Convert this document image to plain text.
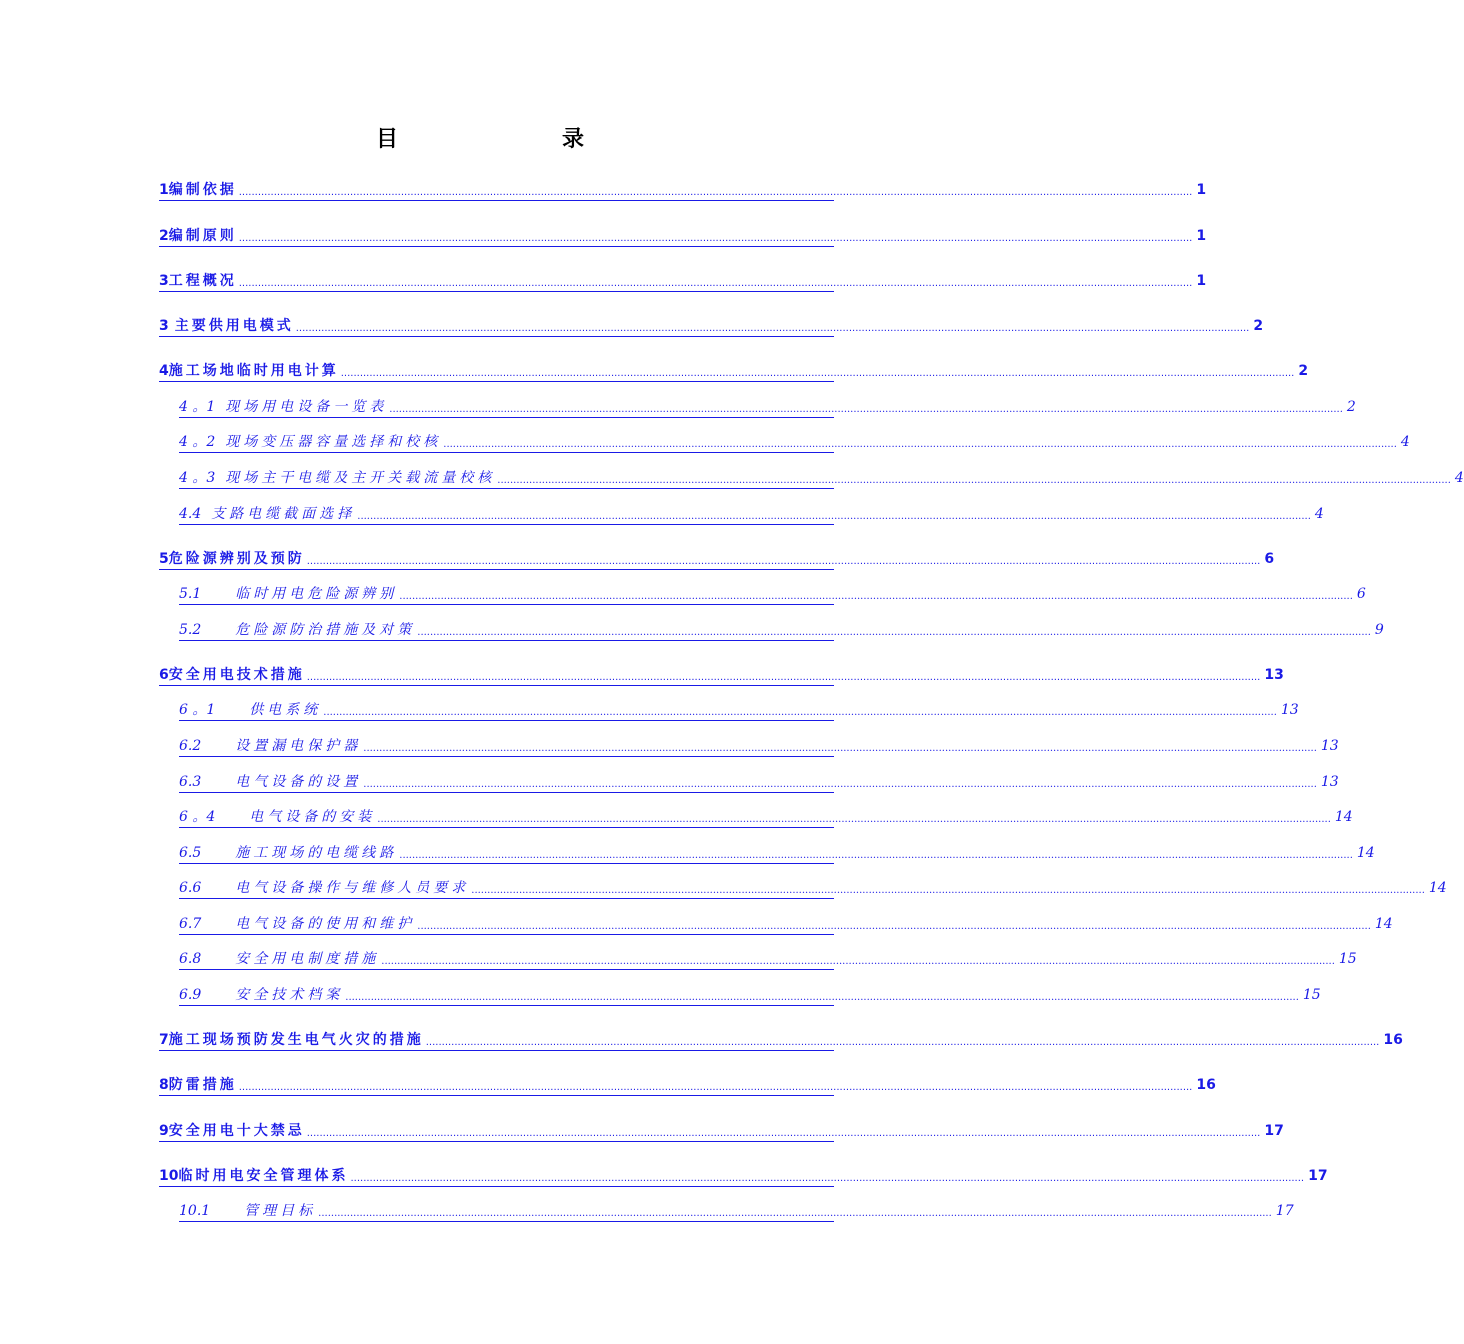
目　　录
1 编制依据 ............................................................................................................................................................................................................................................................................................................ 1
2 编制原则 ............................................................................................................................................................................................................................................................................................................ 1
3 工程概况 ............................................................................................................................................................................................................................................................................................................ 1
3 主要供用电模式 ............................................................................................................................................................................................................................................................................................................ 2
4 施工场地临时用电计算 ............................................................................................................................................................................................................................................................................................................ 2
4 。1 现场用电设备一览表 ............................................................................................................................................................................................................................................................................................................ 2
4 。2 现场变压器容量选择和校核 ............................................................................................................................................................................................................................................................................................................ 4
4 。3 现场主干电缆及主开关载流量校核 ............................................................................................................................................................................................................................................................................................................ 4
4.4 支路电缆截面选择 ............................................................................................................................................................................................................................................................................................................ 4
5 危险源辨别及预防 ............................................................................................................................................................................................................................................................................................................ 6
5.1 临时用电危险源辨别 ............................................................................................................................................................................................................................................................................................................ 6
5.2 危险源防治措施及对策 ............................................................................................................................................................................................................................................................................................................ 9
6 安全用电技术措施 ............................................................................................................................................................................................................................................................................................................ 13
6 。1 供电系统 ............................................................................................................................................................................................................................................................................................................ 13
6.2 设置漏电保护器 ............................................................................................................................................................................................................................................................................................................ 13
6.3 电气设备的设置 ............................................................................................................................................................................................................................................................................................................ 13
6 。4 电气设备的安装 ............................................................................................................................................................................................................................................................................................................ 14
6.5 施工现场的电缆线路 ............................................................................................................................................................................................................................................................................................................ 14
6.6 电气设备操作与维修人员要求 ............................................................................................................................................................................................................................................................................................................ 14
6.7 电气设备的使用和维护 ............................................................................................................................................................................................................................................................................................................ 14
6.8 安全用电制度措施 ............................................................................................................................................................................................................................................................................................................ 15
6.9 安全技术档案 ............................................................................................................................................................................................................................................................................................................ 15
7 施工现场预防发生电气火灾的措施 ............................................................................................................................................................................................................................................................................................................ 16
8 防雷措施 ............................................................................................................................................................................................................................................................................................................ 16
9 安全用电十大禁忌 ............................................................................................................................................................................................................................................................................................................ 17
10 临时用电安全管理体系 ............................................................................................................................................................................................................................................................................................................ 17
10.1 管理目标 ............................................................................................................................................................................................................................................................................................................ 17
